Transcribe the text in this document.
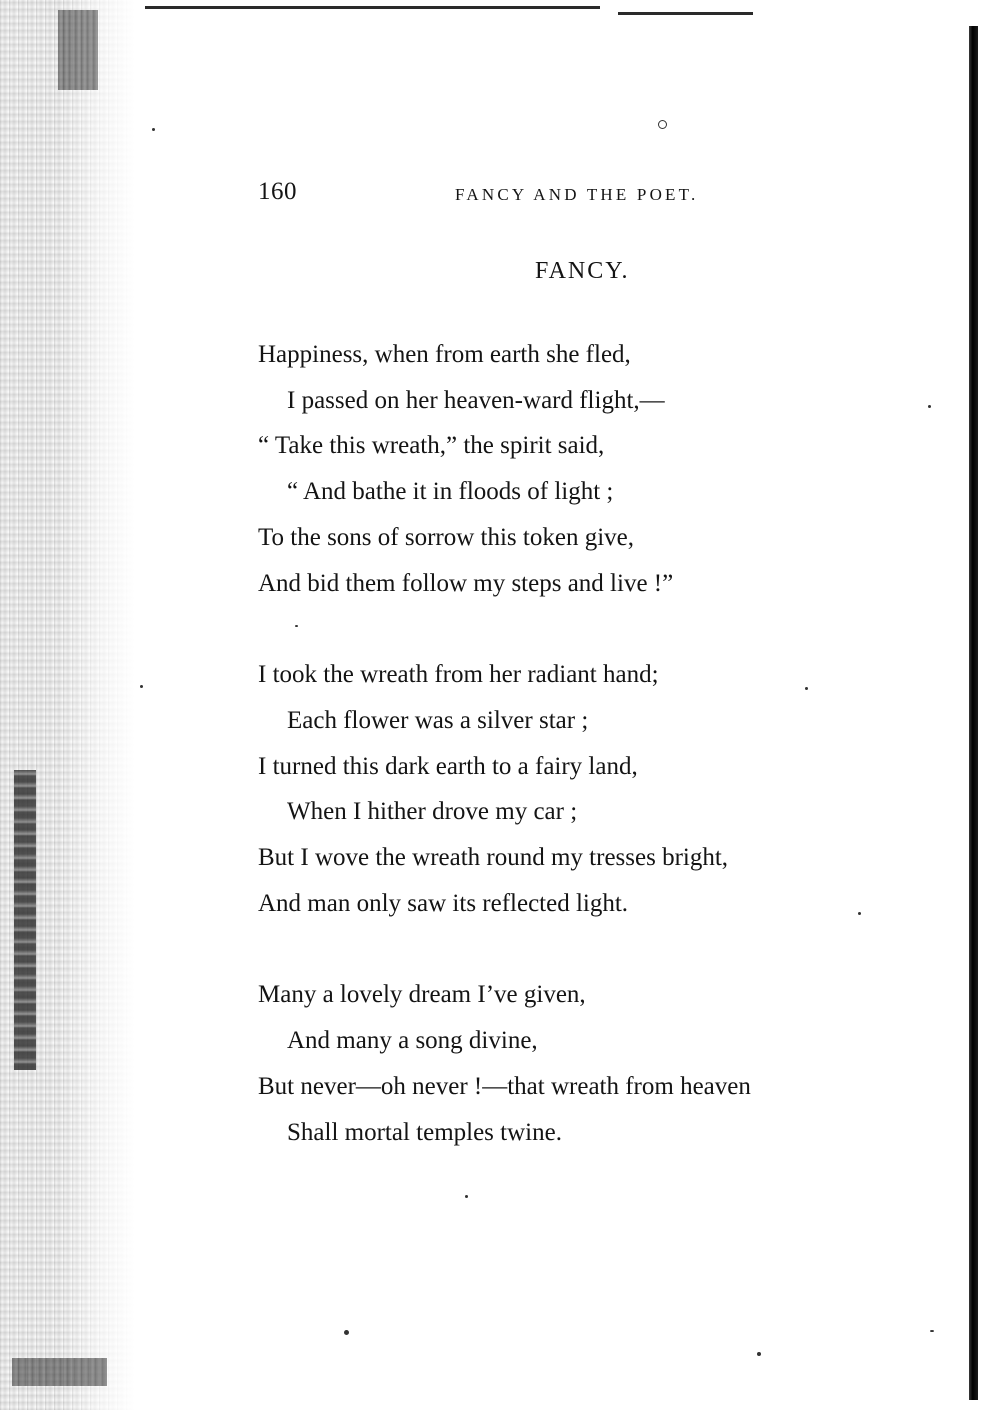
160	FANCY AND THE POET.
FANCY.
Happiness, when from earth she fled,
I passed on her heaven-ward flight,—
“ Take this wreath,” the spirit said,
“ And bathe it in floods of light ;
To the sons of sorrow this token give,
And bid them follow my steps and live !”
I took the wreath from her radiant hand;
Each flower was a silver star ;
I turned this dark earth to a fairy land,
When I hither drove my car ;
But I wove the wreath round my tresses bright,
And man only saw its reflected light.
Many a lovely dream I’ve given,
And many a song divine,
But never—oh never !—that wreath from heaven
Shall mortal temples twine.
